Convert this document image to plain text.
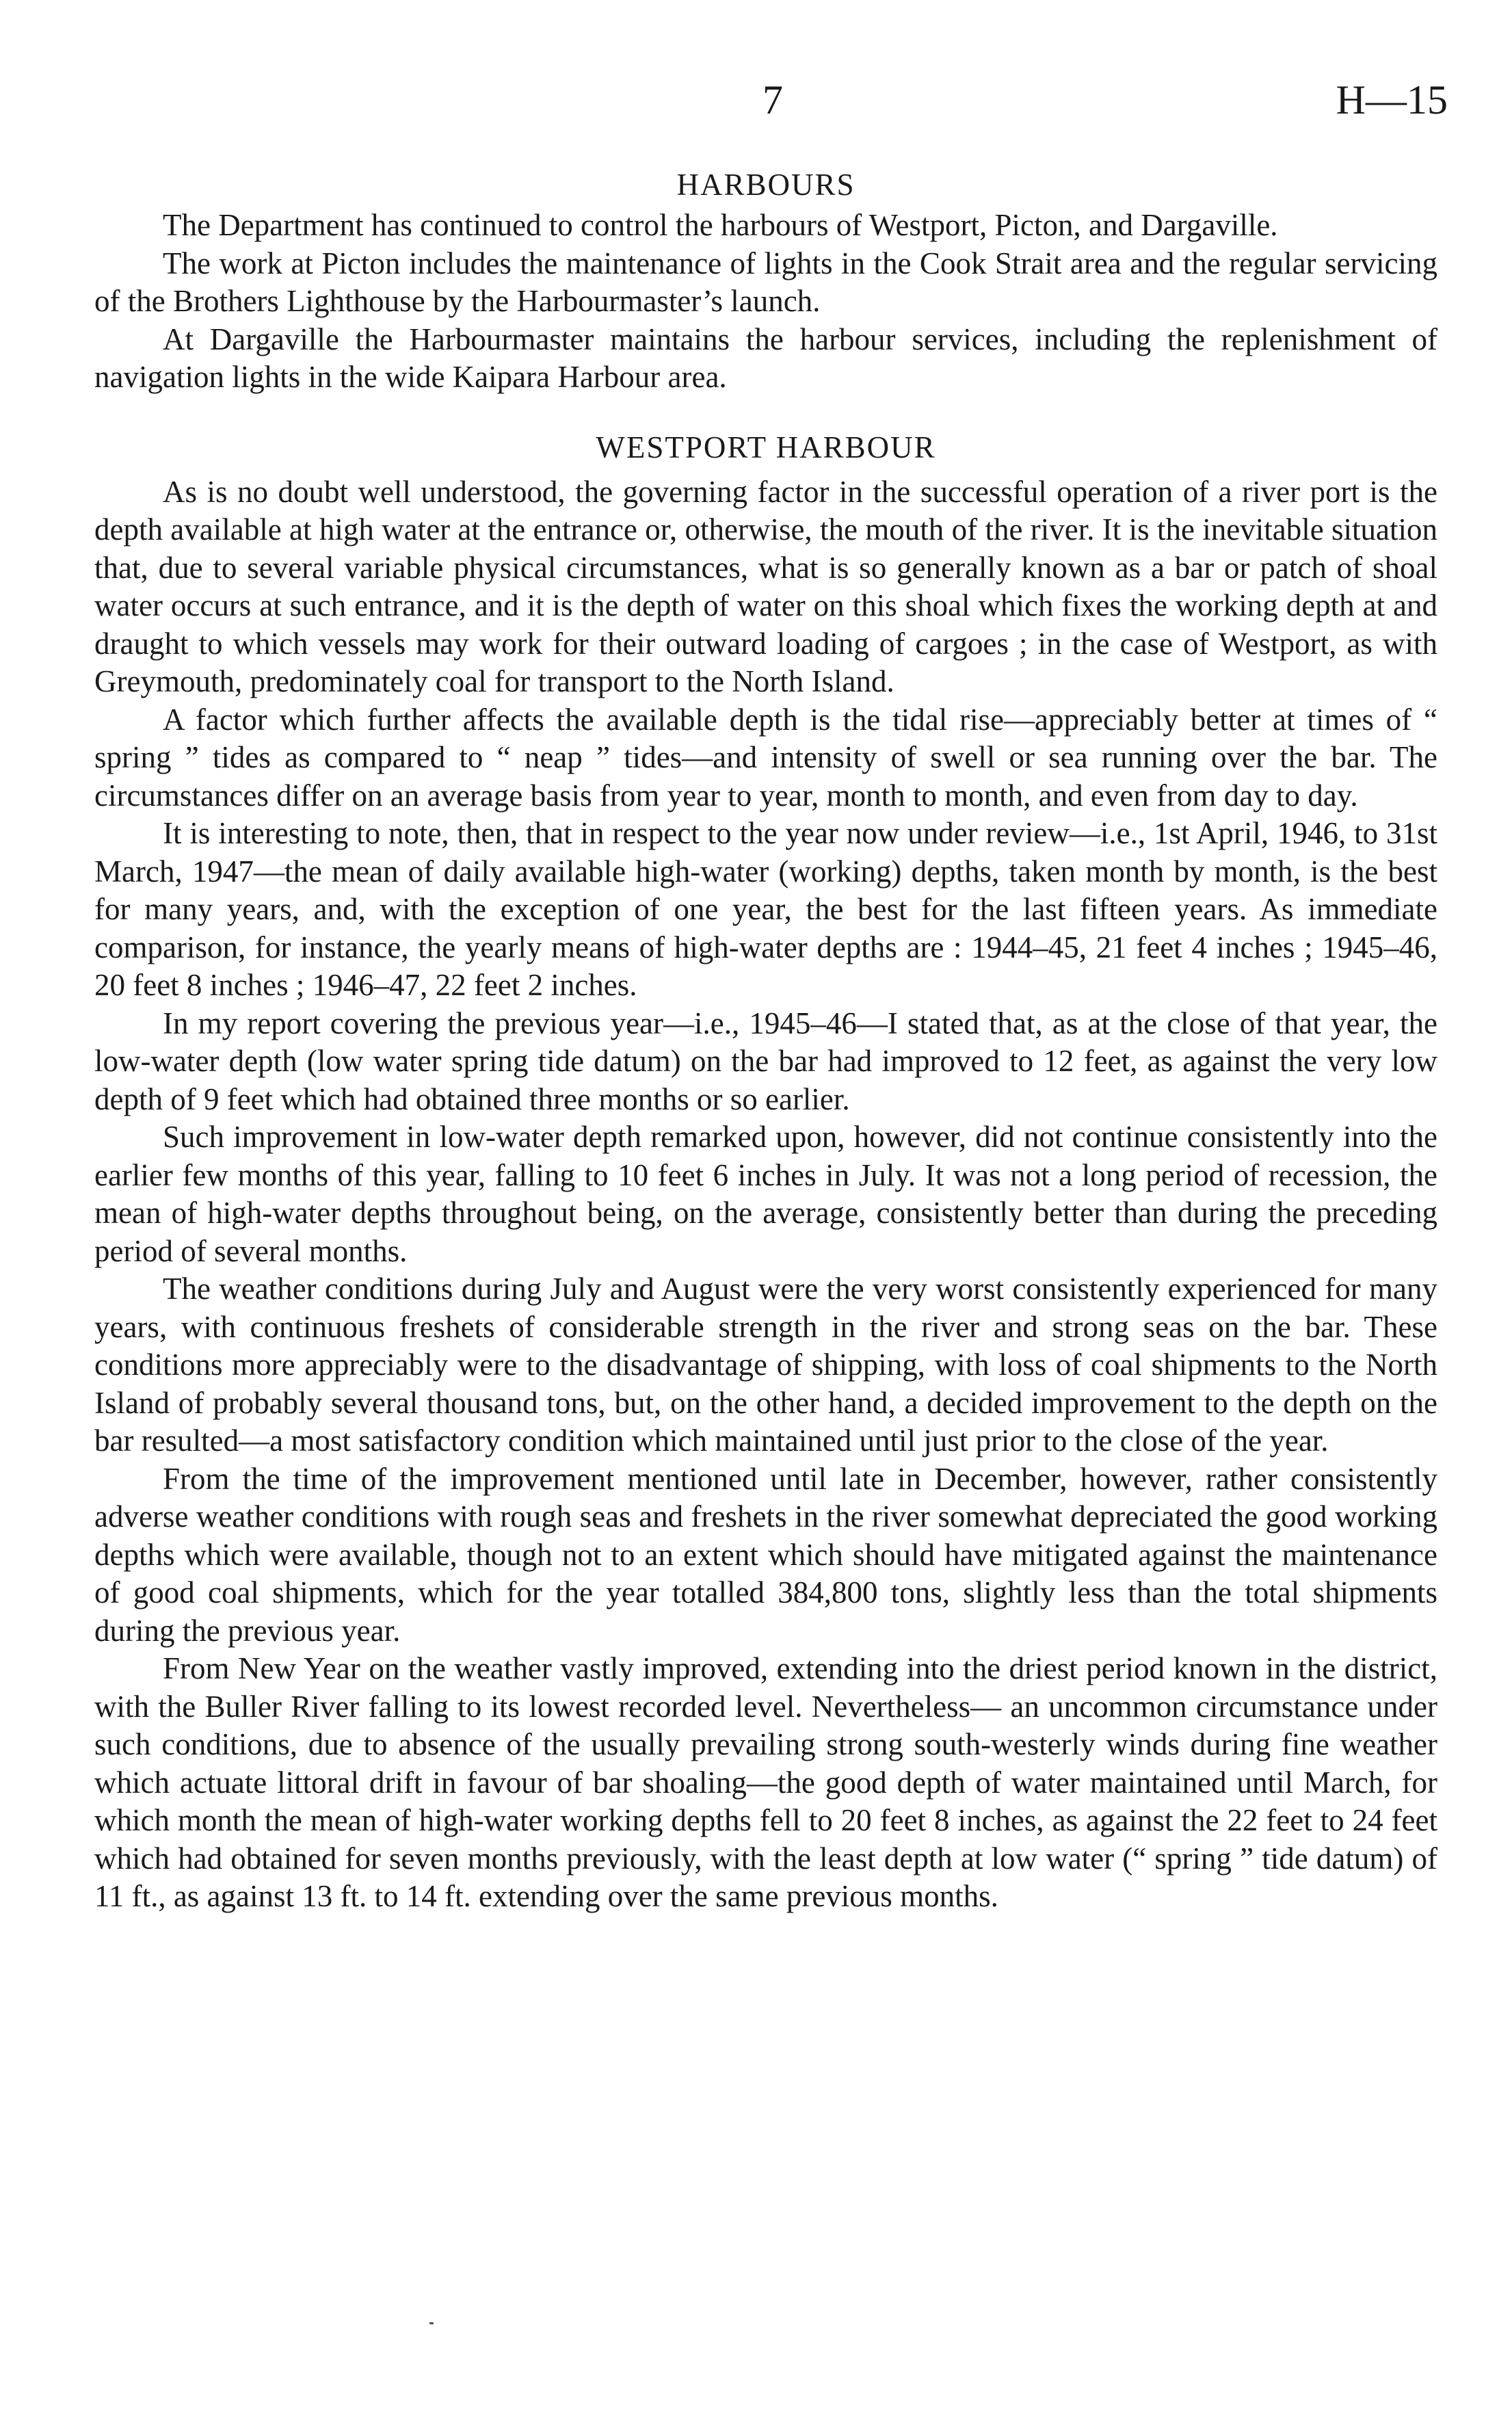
7	H—15
HARBOURS

The Department has continued to control the harbours of Westport, Picton, and Dargaville.

The work at Picton includes the maintenance of lights in the Cook Strait area and the regular servicing of the Brothers Lighthouse by the Harbourmaster’s launch.

At Dargaville the Harbourmaster maintains the harbour services, including the replenishment of navigation lights in the wide Kaipara Harbour area.

WESTPORT HARBOUR

As is no doubt well understood, the governing factor in the successful operation of a river port is the depth available at high water at the entrance or, otherwise, the mouth of the river. It is the inevitable situation that, due to several variable physical circumstances, what is so generally known as a bar or patch of shoal water occurs at such entrance, and it is the depth of water on this shoal which fixes the working depth at and draught to which vessels may work for their outward loading of cargoes ; in the case of Westport, as with Greymouth, predominately coal for transport to the North Island.

A factor which further affects the available depth is the tidal rise—appreciably better at times of “ spring ” tides as compared to “ neap ” tides—and intensity of swell or sea running over the bar. The circumstances differ on an average basis from year to year, month to month, and even from day to day.

It is interesting to note, then, that in respect to the year now under review—i.e., 1st April, 1946, to 31st March, 1947—the mean of daily available high-water (working) depths, taken month by month, is the best for many years, and, with the exception of one year, the best for the last fifteen years. As immediate comparison, for instance, the yearly means of high-water depths are : 1944–45, 21 feet 4 inches ; 1945–46, 20 feet 8 inches ; 1946–47, 22 feet 2 inches.

In my report covering the previous year—i.e., 1945–46—I stated that, as at the close of that year, the low-water depth (low water spring tide datum) on the bar had improved to 12 feet, as against the very low depth of 9 feet which had obtained three months or so earlier.

Such improvement in low-water depth remarked upon, however, did not continue consistently into the earlier few months of this year, falling to 10 feet 6 inches in July. It was not a long period of recession, the mean of high-water depths throughout being, on the average, consistently better than during the preceding period of several months.

The weather conditions during July and August were the very worst consistently experienced for many years, with continuous freshets of considerable strength in the river and strong seas on the bar. These conditions more appreciably were to the disadvantage of shipping, with loss of coal shipments to the North Island of probably several thousand tons, but, on the other hand, a decided improvement to the depth on the bar resulted—a most satisfactory condition which maintained until just prior to the close of the year.

From the time of the improvement mentioned until late in December, however, rather consistently adverse weather conditions with rough seas and freshets in the river somewhat depreciated the good working depths which were available, though not to an extent which should have mitigated against the maintenance of good coal shipments, which for the year totalled 384,800 tons, slightly less than the total shipments during the previous year.

From New Year on the weather vastly improved, extending into the driest period known in the district, with the Buller River falling to its lowest recorded level. Nevertheless— an uncommon circumstance under such conditions, due to absence of the usually prevailing strong south-westerly winds during fine weather which actuate littoral drift in favour of bar shoaling—the good depth of water maintained until March, for which month the mean of high-water working depths fell to 20 feet 8 inches, as against the 22 feet to 24 feet which had obtained for seven months previously, with the least depth at low water (“ spring ” tide datum) of 11 ft., as against 13 ft. to 14 ft. extending over the same previous months.
